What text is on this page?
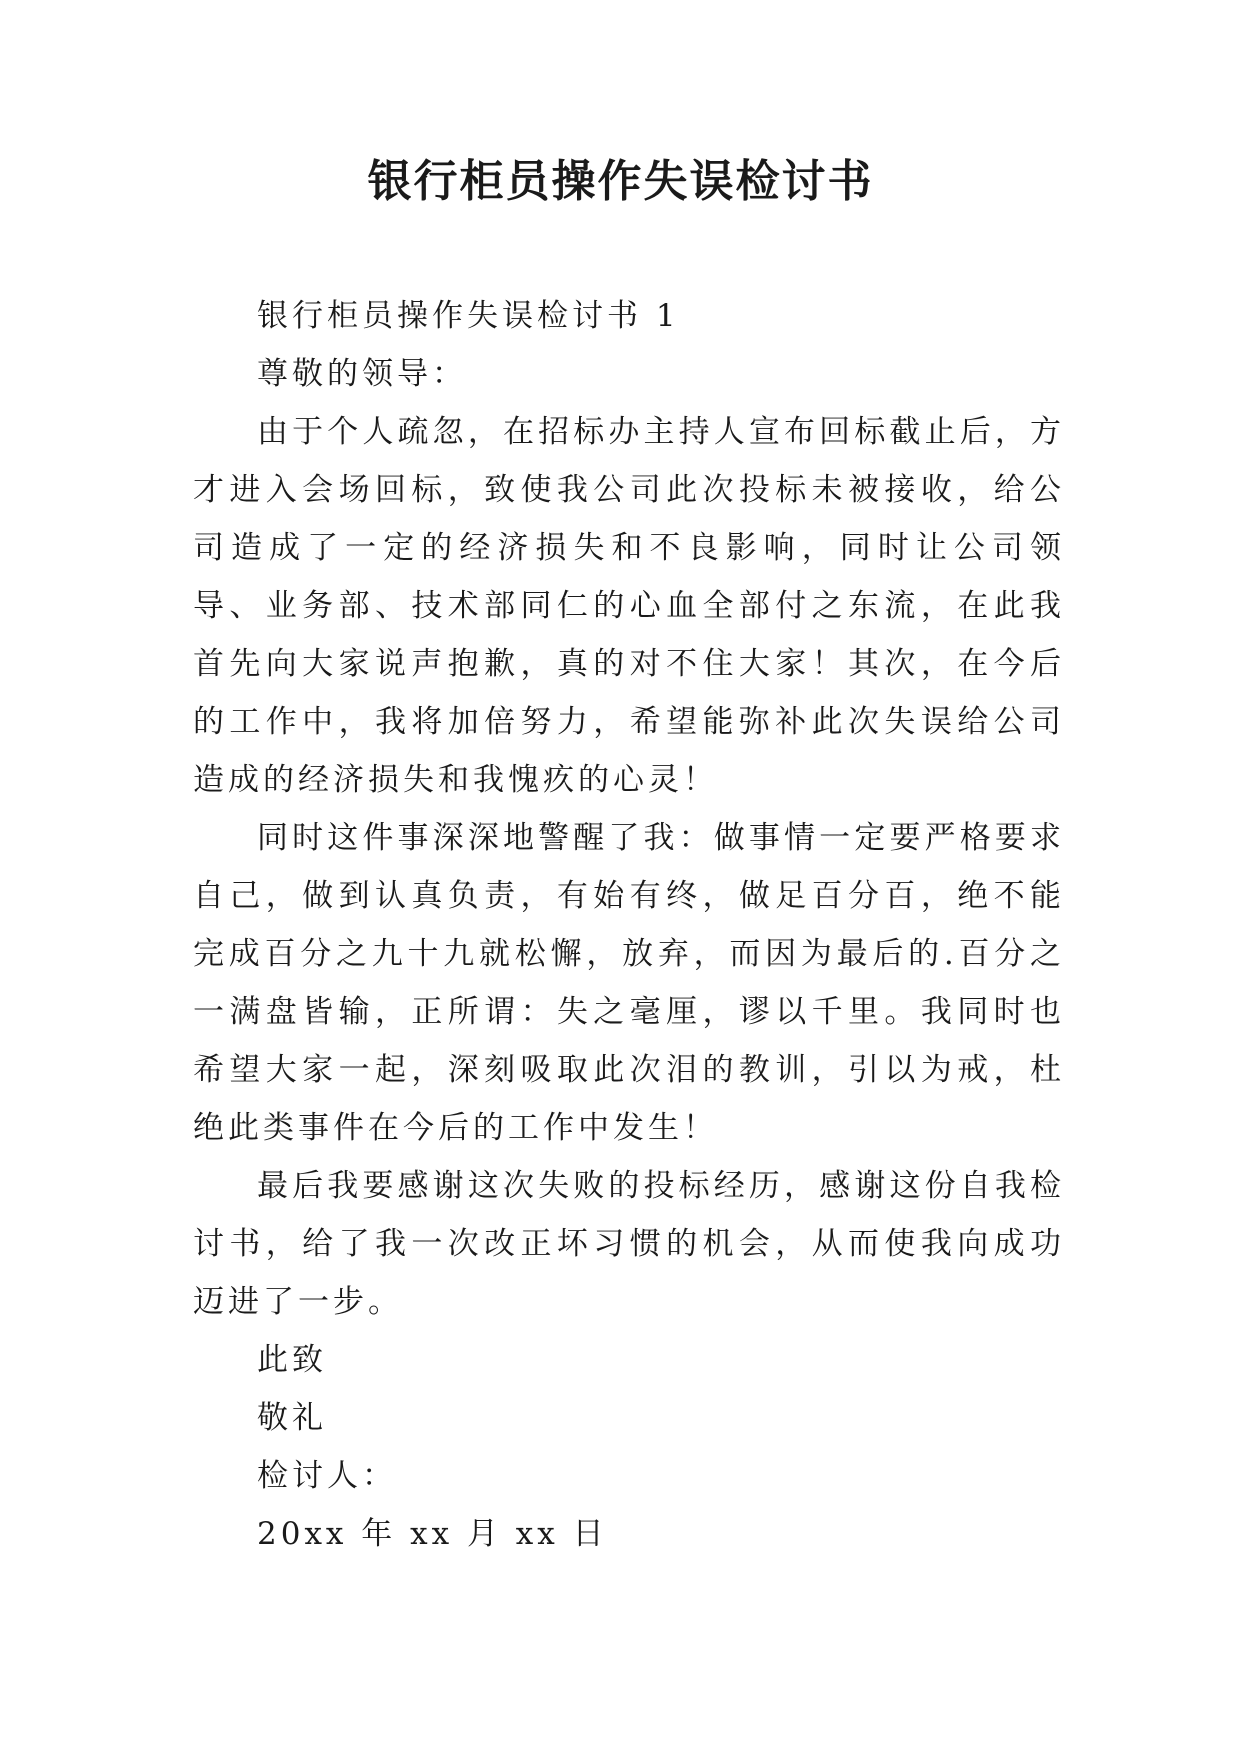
银行柜员操作失误检讨书
银行柜员操作失误检讨书 1
尊敬的领导：

由于个人疏忽，在招标办主持人宣布回标截止后，方才进入会场回标，致使我公司此次投标未被接收，给公司造成了一定的经济损失和不良影响，同时让公司领导、业务部、技术部同仁的心血全部付之东流，在此我首先向大家说声抱歉，真的对不住大家！其次，在今后的工作中，我将加倍努力，希望能弥补此次失误给公司造成的经济损失和我愧疚的心灵！

同时这件事深深地警醒了我：做事情一定要严格要求自己，做到认真负责，有始有终，做足百分百，绝不能完成百分之九十九就松懈，放弃，而因为最后的.百分之一满盘皆输，正所谓：失之毫厘，谬以千里。我同时也希望大家一起，深刻吸取此次泪的教训，引以为戒，杜绝此类事件在今后的工作中发生！

最后我要感谢这次失败的投标经历，感谢这份自我检讨书，给了我一次改正坏习惯的机会，从而使我向成功迈进了一步。

此致
敬礼
检讨人：
20xx 年 xx 月 xx 日
